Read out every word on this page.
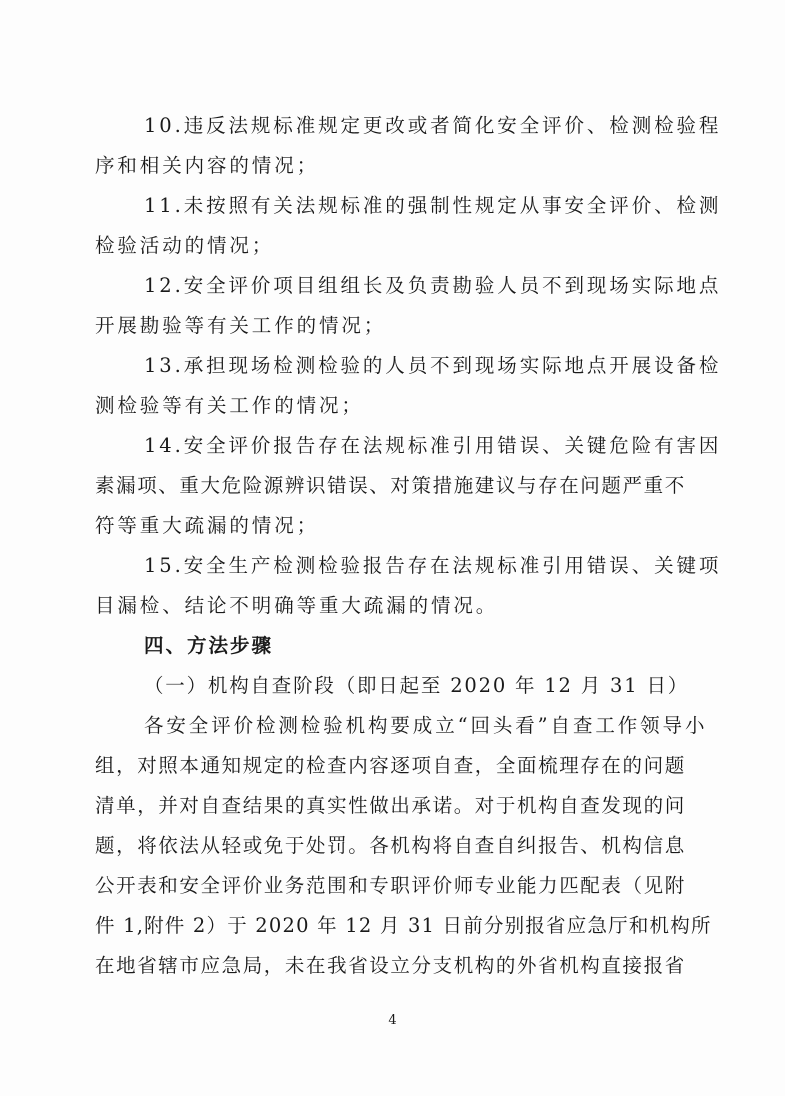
10.违反法规标准规定更改或者简化安全评价、检测检验程
序和相关内容的情况；
11.未按照有关法规标准的强制性规定从事安全评价、检测
检验活动的情况；
12.安全评价项目组组长及负责勘验人员不到现场实际地点
开展勘验等有关工作的情况；
13.承担现场检测检验的人员不到现场实际地点开展设备检
测检验等有关工作的情况；
14.安全评价报告存在法规标准引用错误、关键危险有害因
素漏项、重大危险源辨识错误、对策措施建议与存在问题严重不
符等重大疏漏的情况；
15.安全生产检测检验报告存在法规标准引用错误、关键项
目漏检、结论不明确等重大疏漏的情况。
四、方法步骤
（一）机构自查阶段（即日起至 2020 年 12 月 31 日）
各安全评价检测检验机构要成立“回头看”自查工作领导小
组，对照本通知规定的检查内容逐项自查，全面梳理存在的问题
清单，并对自查结果的真实性做出承诺。对于机构自查发现的问
题，将依法从轻或免于处罚。各机构将自查自纠报告、机构信息
公开表和安全评价业务范围和专职评价师专业能力匹配表（见附
件 1,附件 2）于 2020 年 12 月 31 日前分别报省应急厅和机构所
在地省辖市应急局，未在我省设立分支机构的外省机构直接报省
4
